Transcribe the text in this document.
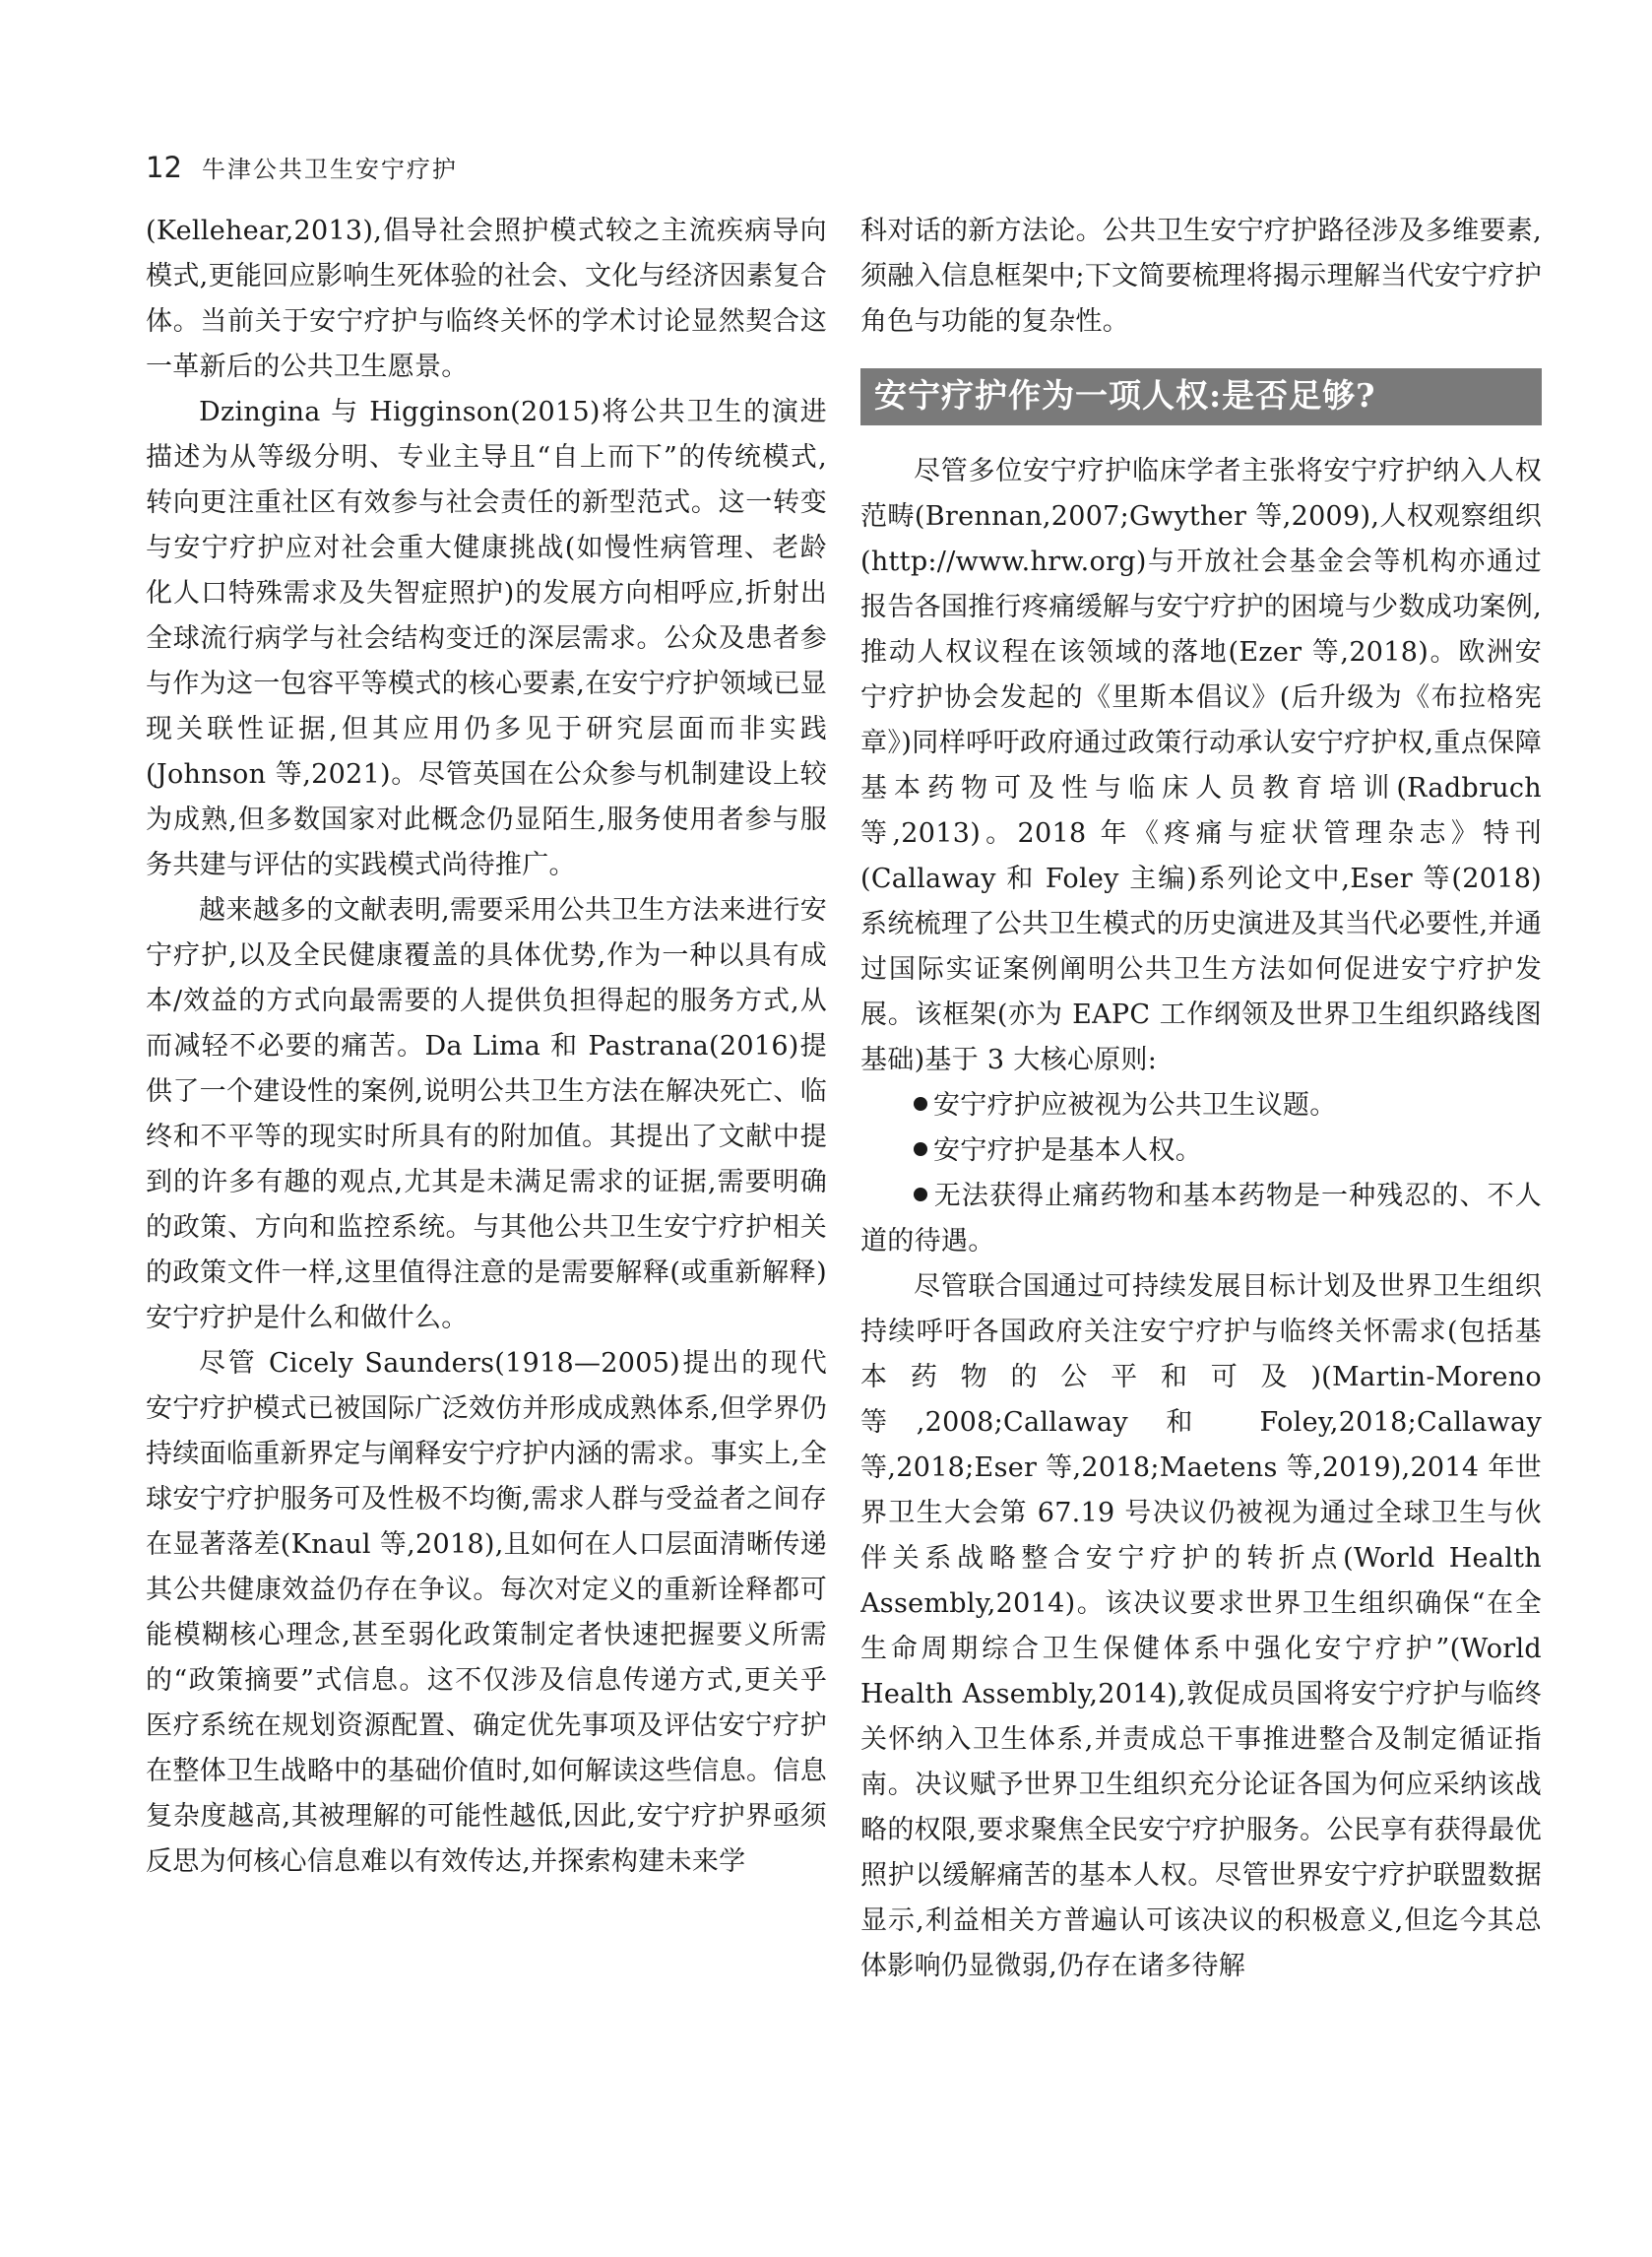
12 牛津公共卫生安宁疗护

(Kellehear,2013),倡导社会照护模式较之主流疾病导向模式,更能回应影响生死体验的社会、文化与经济因素复合体。当前关于安宁疗护与临终关怀的学术讨论显然契合这一革新后的公共卫生愿景。

Dzingina 与 Higginson(2015)将公共卫生的演进描述为从等级分明、专业主导且“自上而下”的传统模式,转向更注重社区有效参与社会责任的新型范式。这一转变与安宁疗护应对社会重大健康挑战(如慢性病管理、老龄化人口特殊需求及失智症照护)的发展方向相呼应,折射出全球流行病学与社会结构变迁的深层需求。公众及患者参与作为这一包容平等模式的核心要素,在安宁疗护领域已显现关联性证据,但其应用仍多见于研究层面而非实践(Johnson 等,2021)。尽管英国在公众参与机制建设上较为成熟,但多数国家对此概念仍显陌生,服务使用者参与服务共建与评估的实践模式尚待推广。

越来越多的文献表明,需要采用公共卫生方法来进行安宁疗护,以及全民健康覆盖的具体优势,作为一种以具有成本/效益的方式向最需要的人提供负担得起的服务方式,从而减轻不必要的痛苦。Da Lima 和 Pastrana(2016)提供了一个建设性的案例,说明公共卫生方法在解决死亡、临终和不平等的现实时所具有的附加值。其提出了文献中提到的许多有趣的观点,尤其是未满足需求的证据,需要明确的政策、方向和监控系统。与其他公共卫生安宁疗护相关的政策文件一样,这里值得注意的是需要解释(或重新解释)安宁疗护是什么和做什么。

尽管 Cicely Saunders(1918—2005)提出的现代安宁疗护模式已被国际广泛效仿并形成成熟体系,但学界仍持续面临重新界定与阐释安宁疗护内涵的需求。事实上,全球安宁疗护服务可及性极不均衡,需求人群与受益者之间存在显著落差(Knaul 等,2018),且如何在人口层面清晰传递其公共健康效益仍存在争议。每次对定义的重新诠释都可能模糊核心理念,甚至弱化政策制定者快速把握要义所需的“政策摘要”式信息。这不仅涉及信息传递方式,更关乎医疗系统在规划资源配置、确定优先事项及评估安宁疗护在整体卫生战略中的基础价值时,如何解读这些信息。信息复杂度越高,其被理解的可能性越低,因此,安宁疗护界亟须反思为何核心信息难以有效传达,并探索构建未来学

科对话的新方法论。公共卫生安宁疗护路径涉及多维要素,须融入信息框架中;下文简要梳理将揭示理解当代安宁疗护角色与功能的复杂性。

安宁疗护作为一项人权:是否足够?

尽管多位安宁疗护临床学者主张将安宁疗护纳入人权范畴(Brennan,2007;Gwyther 等,2009),人权观察组织(http://www.hrw.org)与开放社会基金会等机构亦通过报告各国推行疼痛缓解与安宁疗护的困境与少数成功案例,推动人权议程在该领域的落地(Ezer 等,2018)。欧洲安宁疗护协会发起的《里斯本倡议》(后升级为《布拉格宪章》)同样呼吁政府通过政策行动承认安宁疗护权,重点保障基本药物可及性与临床人员教育培训(Radbruch 等,2013)。2018 年《疼痛与症状管理杂志》特刊(Callaway 和 Foley 主编)系列论文中,Eser 等(2018)系统梳理了公共卫生模式的历史演进及其当代必要性,并通过国际实证案例阐明公共卫生方法如何促进安宁疗护发展。该框架(亦为 EAPC 工作纲领及世界卫生组织路线图基础)基于 3 大核心原则:

安宁疗护应被视为公共卫生议题。
安宁疗护是基本人权。
无法获得止痛药物和基本药物是一种残忍的、不人道的待遇。

尽管联合国通过可持续发展目标计划及世界卫生组织持续呼吁各国政府关注安宁疗护与临终关怀需求(包括基本药物的公平和可及)(Martin-Moreno 等,2008;Callaway 和 Foley,2018;Callaway 等,2018;Eser 等,2018;Maetens 等,2019),2014 年世界卫生大会第 67.19 号决议仍被视为通过全球卫生与伙伴关系战略整合安宁疗护的转折点(World Health Assembly,2014)。该决议要求世界卫生组织确保“在全生命周期综合卫生保健体系中强化安宁疗护”(World Health Assembly,2014),敦促成员国将安宁疗护与临终关怀纳入卫生体系,并责成总干事推进整合及制定循证指南。决议赋予世界卫生组织充分论证各国为何应采纳该战略的权限,要求聚焦全民安宁疗护服务。公民享有获得最优照护以缓解痛苦的基本人权。尽管世界安宁疗护联盟数据显示,利益相关方普遍认可该决议的积极意义,但迄今其总体影响仍显微弱,仍存在诸多待解
